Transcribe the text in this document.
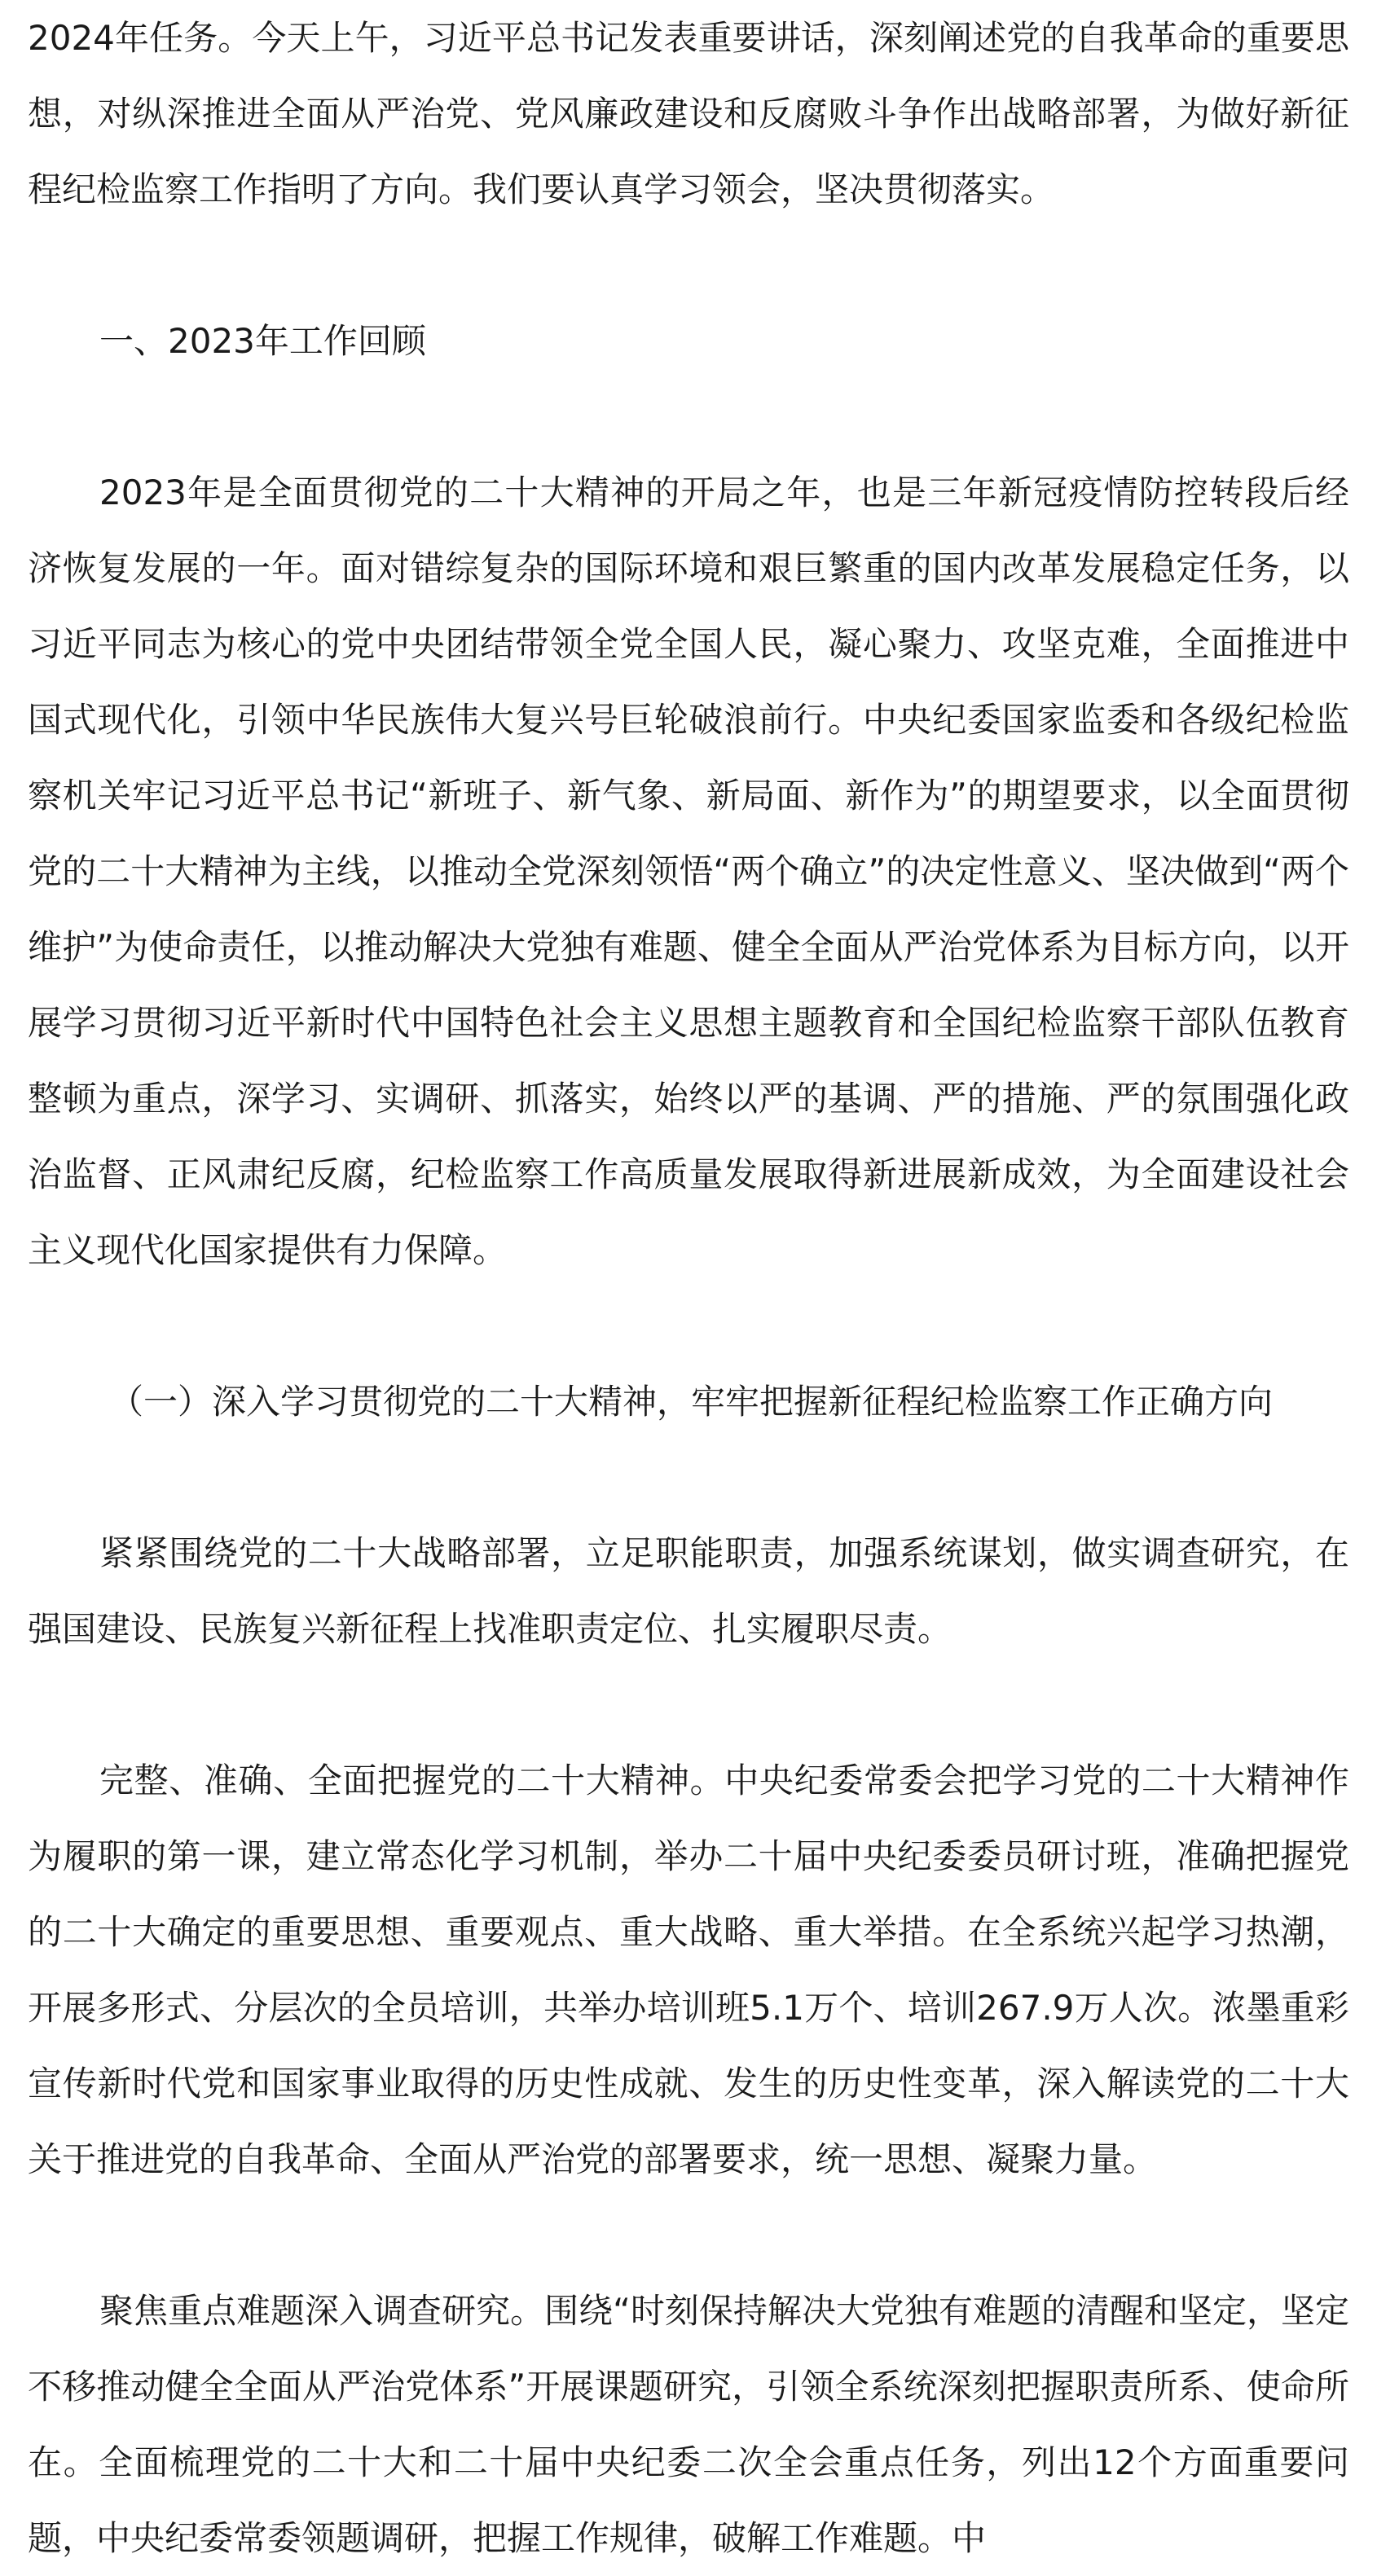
2024年任务。今天上午，习近平总书记发表重要讲话，深刻阐述党的自我革命的重要思想，对纵深推进全面从严治党、党风廉政建设和反腐败斗争作出战略部署，为做好新征程纪检监察工作指明了方向。我们要认真学习领会，坚决贯彻落实。

一、2023年工作回顾

2023年是全面贯彻党的二十大精神的开局之年，也是三年新冠疫情防控转段后经济恢复发展的一年。面对错综复杂的国际环境和艰巨繁重的国内改革发展稳定任务，以习近平同志为核心的党中央团结带领全党全国人民，凝心聚力、攻坚克难，全面推进中国式现代化，引领中华民族伟大复兴号巨轮破浪前行。中央纪委国家监委和各级纪检监察机关牢记习近平总书记“新班子、新气象、新局面、新作为”的期望要求，以全面贯彻党的二十大精神为主线，以推动全党深刻领悟“两个确立”的决定性意义、坚决做到“两个维护”为使命责任，以推动解决大党独有难题、健全全面从严治党体系为目标方向，以开展学习贯彻习近平新时代中国特色社会主义思想主题教育和全国纪检监察干部队伍教育整顿为重点，深学习、实调研、抓落实，始终以严的基调、严的措施、严的氛围强化政治监督、正风肃纪反腐，纪检监察工作高质量发展取得新进展新成效，为全面建设社会主义现代化国家提供有力保障。

（一）深入学习贯彻党的二十大精神，牢牢把握新征程纪检监察工作正确方向

紧紧围绕党的二十大战略部署，立足职能职责，加强系统谋划，做实调查研究，在强国建设、民族复兴新征程上找准职责定位、扎实履职尽责。

完整、准确、全面把握党的二十大精神。中央纪委常委会把学习党的二十大精神作为履职的第一课，建立常态化学习机制，举办二十届中央纪委委员研讨班，准确把握党的二十大确定的重要思想、重要观点、重大战略、重大举措。在全系统兴起学习热潮，开展多形式、分层次的全员培训，共举办培训班5.1万个、培训267.9万人次。浓墨重彩宣传新时代党和国家事业取得的历史性成就、发生的历史性变革，深入解读党的二十大关于推进党的自我革命、全面从严治党的部署要求，统一思想、凝聚力量。

聚焦重点难题深入调查研究。围绕“时刻保持解决大党独有难题的清醒和坚定，坚定不移推动健全全面从严治党体系”开展课题研究，引领全系统深刻把握职责所系、使命所在。全面梳理党的二十大和二十届中央纪委二次全会重点任务，列出12个方面重要问题，中央纪委常委领题调研，把握工作规律，破解工作难题。中
